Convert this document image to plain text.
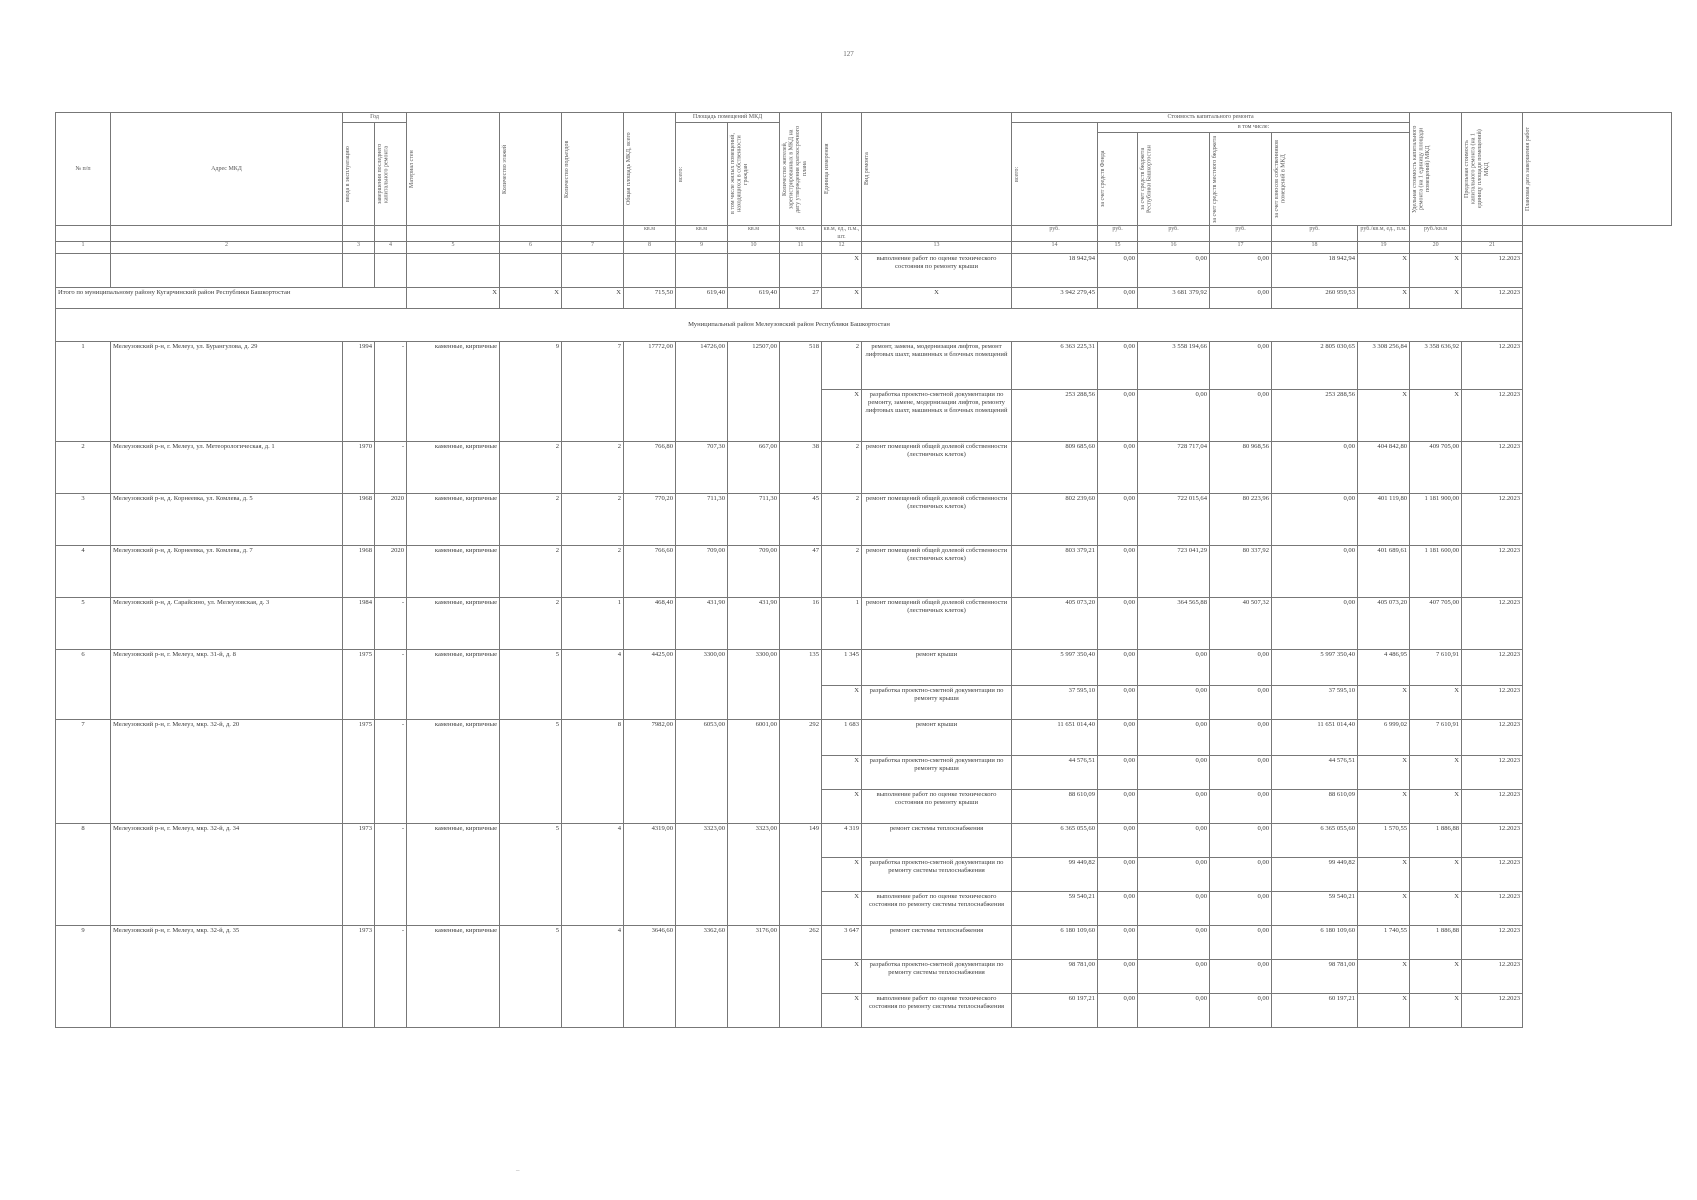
127
№ п/п	Адрес МКД	Год		Материал стен	Количество этажей	Количество подъездов	Общая площадь МКД, всего	Площадь помещений МКД		Количество жителей, зарегистрированных в МКД на дату утверждения краткосрочного плана	Единица измерения	Вид ремонта	Стоимость капитального ремонта						Удельная стоимость капитального ремонта (на 1 единицу площади помещений) МКД	Предельная стоимость капитального ремонта (на 1 единицу площади помещений) МКД	Плановая дата завершения работ

		ввода в эксплуатацию	завершения последнего капитального ремонта					всего:	в том числе жилых помещений, находящихся в собственности граждан				всего:	в том числе:							

														за счет средств Фонда	за счет средств бюджета Республики Башкортостан	за счет средств местного бюджета	за счет взносов собственников помещений в МКД				

							кв.м	кв.м	кв.м	чел.	кв.м, ед., п.м., шт.		руб.	руб.	руб.	руб.	руб.	руб./кв.м, ед., п.м.	руб./кв.м		
1	2	3	4	5	6	7	8	9	10	11	12	13	14	15	16	17	18	19	20	21	
											X	выполнение работ по оценке технического состояния по ремонту крыши	18 942,94	0,00	0,00	0,00	18 942,94	X	X	12.2023	
Итого по муниципальному району Кугарчинский район Республики Башкортостан				X	X	X	715,50	619,40	619,40	27	X	X	3 942 279,45	0,00	3 681 379,92	0,00	260 959,53	X	X	12.2023	
Муниципальный район Мелеузовский район Республики Башкортостан																					
1	Мелеузовский р-н, г. Мелеуз, ул. Бурангулова, д. 29	1994	-	каменные, кирпичные	9	7	17772,00	14726,00	12507,00	518	2	ремонт, замена, модернизация лифтов, ремонт лифтовых шахт, машинных и блочных помещений	6 363 225,31	0,00	3 558 194,66	0,00	2 805 030,65	3 308 256,84	3 358 636,92	12.2023	
											X	разработка проектно-сметной документации по ремонту, замене, модернизации лифтов, ремонту лифтовых шахт, машинных и блочных помещений	253 288,56	0,00	0,00	0,00	253 288,56	X	X	12.2023	
2	Мелеузовский р-н, г. Мелеуз, ул. Метеорологическая, д. 1	1970	-	каменные, кирпичные	2	2	766,80	707,30	667,00	38	2	ремонт помещений общей долевой собственности (лестничных клеток)	809 685,60	0,00	728 717,04	80 968,56	0,00	404 842,80	409 705,00	12.2023	
3	Мелеузовский р-н, д. Корнеевка, ул. Комлева, д. 5	1968	2020	каменные, кирпичные	2	2	770,20	711,30	711,30	45	2	ремонт помещений общей долевой собственности (лестничных клеток)	802 239,60	0,00	722 015,64	80 223,96	0,00	401 119,80	1 181 900,00	12.2023	
4	Мелеузовский р-н, д. Корнеевка, ул. Комлева, д. 7	1968	2020	каменные, кирпичные	2	2	766,60	709,00	709,00	47	2	ремонт помещений общей долевой собственности (лестничных клеток)	803 379,21	0,00	723 041,29	80 337,92	0,00	401 689,61	1 181 600,00	12.2023	
5	Мелеузовский р-н, д. Сарайсино, ул. Мелеузовская, д. 3	1984	-	каменные, кирпичные	2	1	468,40	431,90	431,90	16	1	ремонт помещений общей долевой собственности (лестничных клеток)	405 073,20	0,00	364 565,88	40 507,32	0,00	405 073,20	407 705,00	12.2023	
6	Мелеузовский р-н, г. Мелеуз, мкр. 31-й, д. 8	1975	-	каменные, кирпичные	5	4	4425,00	3300,00	3300,00	135	1 345	ремонт крыши	5 997 350,40	0,00	0,00	0,00	5 997 350,40	4 486,95	7 610,91	12.2023	
											X	разработка проектно-сметной документации по ремонту крыши	37 595,10	0,00	0,00	0,00	37 595,10	X	X	12.2023	
7	Мелеузовский р-н, г. Мелеуз, мкр. 32-й, д. 20	1975	-	каменные, кирпичные	5	8	7982,00	6053,00	6001,00	292	1 683	ремонт крыши	11 651 014,40	0,00	0,00	0,00	11 651 014,40	6 999,02	7 610,91	12.2023	
											X	разработка проектно-сметной документации по ремонту крыши	44 576,51	0,00	0,00	0,00	44 576,51	X	X	12.2023	
											X	выполнение работ по оценке технического состояния по ремонту крыши	88 610,09	0,00	0,00	0,00	88 610,09	X	X	12.2023	
8	Мелеузовский р-н, г. Мелеуз, мкр. 32-й, д. 34	1973	-	каменные, кирпичные	5	4	4319,00	3323,00	3323,00	149	4 319	ремонт системы теплоснабжения	6 365 055,60	0,00	0,00	0,00	6 365 055,60	1 570,55	1 886,88	12.2023	
											X	разработка проектно-сметной документации по ремонту системы теплоснабжения	99 449,82	0,00	0,00	0,00	99 449,82	X	X	12.2023	
											X	выполнение работ по оценке технического состояния по ремонту системы теплоснабжения	59 540,21	0,00	0,00	0,00	59 540,21	X	X	12.2023	
9	Мелеузовский р-н, г. Мелеуз, мкр. 32-й, д. 35	1973	-	каменные, кирпичные	5	4	3646,60	3362,60	3176,00	262	3 647	ремонт системы теплоснабжения	6 180 109,60	0,00	0,00	0,00	6 180 109,60	1 740,55	1 886,88	12.2023	
											X	разработка проектно-сметной документации по ремонту системы теплоснабжения	98 781,00	0,00	0,00	0,00	98 781,00	X	X	12.2023	
											X	выполнение работ по оценке технического состояния по ремонту системы теплоснабжения	60 197,21	0,00	0,00	0,00	60 197,21	X	X	12.2023	
–
